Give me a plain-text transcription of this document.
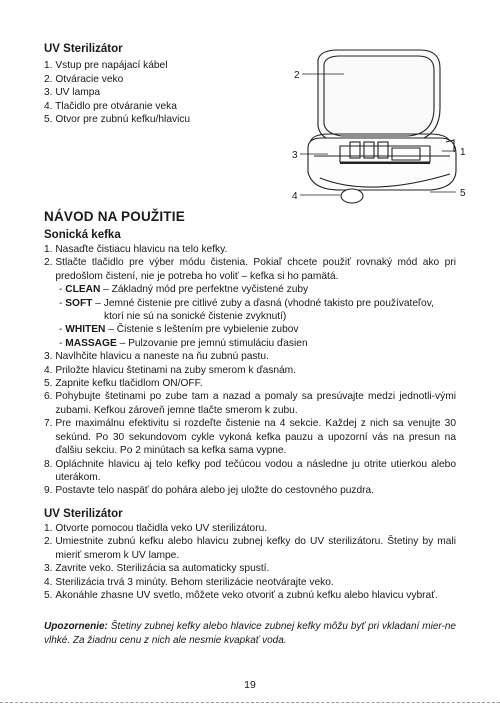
UV Sterilizátor
1. Vstup pre napájací kábel
2. Otváracie veko
3. UV lampa
4. Tlačidlo pre otváranie veka
5. Otvor pre zubnú kefku/hlavicu
2
3
4
1
5
NÁVOD NA POUŽITIE
Sonická kefka
1. Nasaďte čistiacu hlavicu na telo kefky.
2. Stlačte tlačidlo pre výber módu čistenia. Pokiaľ chcete použiť rovnaký mód ako pri predošlom čistení, nie je potreba ho voliť – kefka si ho pamätá.
- CLEAN – Základný mód pre perfektne vyčistené zuby
- SOFT – Jemné čistenie pre citlivé zuby a ďasná (vhodné takisto pre používateľov,
ktorí nie sú na sonické čistenie zvyknutí)
- WHITEN – Čistenie s leštením pre vybielenie zubov
- MASSAGE – Pulzovanie pre jemnú stimuláciu ďasien
3. Navlhčite hlavicu a naneste na ňu zubnú pastu.
4. Priložte hlavicu štetinami na zuby smerom k ďasnám.
5. Zapnite kefku tlačidlom ON/OFF.
6. Pohybujte štetinami po zube tam a nazad a pomaly sa presúvajte medzi jednotli-vými zubami. Kefkou zároveň jemne tlačte smerom k zubu.
7. Pre maximálnu efektivitu si rozdeľte čistenie na 4 sekcie. Každej z nich sa venujte 30 sekúnd. Po 30 sekundovom cykle vykoná kefka pauzu a upozorní vás na presun na ďalšiu sekciu. Po 2 minútach sa kefka sama vypne.
8. Opláchnite hlavicu aj telo kefky pod tečúcou vodou a následne ju otrite utierkou alebo uterákom.
9. Postavte telo naspäť do pohára alebo jej uložte do cestovného puzdra.
UV Sterilizátor
1. Otvorte pomocou tlačidla veko UV sterilizátoru.
2. Umiestnite zubnú kefku alebo hlavicu zubnej kefky do UV sterilizátoru. Štetiny by mali mieriť smerom k UV lampe.
3. Zavrite veko. Sterilizácia sa automaticky spustí.
4. Sterilizácia trvá 3 minúty. Behom sterilizácie neotvárajte veko.
5. Akonáhle zhasne UV svetlo, môžete veko otvoriť a zubnú kefku alebo hlavicu vybrať.
Upozornenie: Štetiny zubnej kefky alebo hlavice zubnej kefky môžu byť pri vkladaní mier-ne vlhké. Za žiadnu cenu z nich ale nesmie kvapkať voda.
19
